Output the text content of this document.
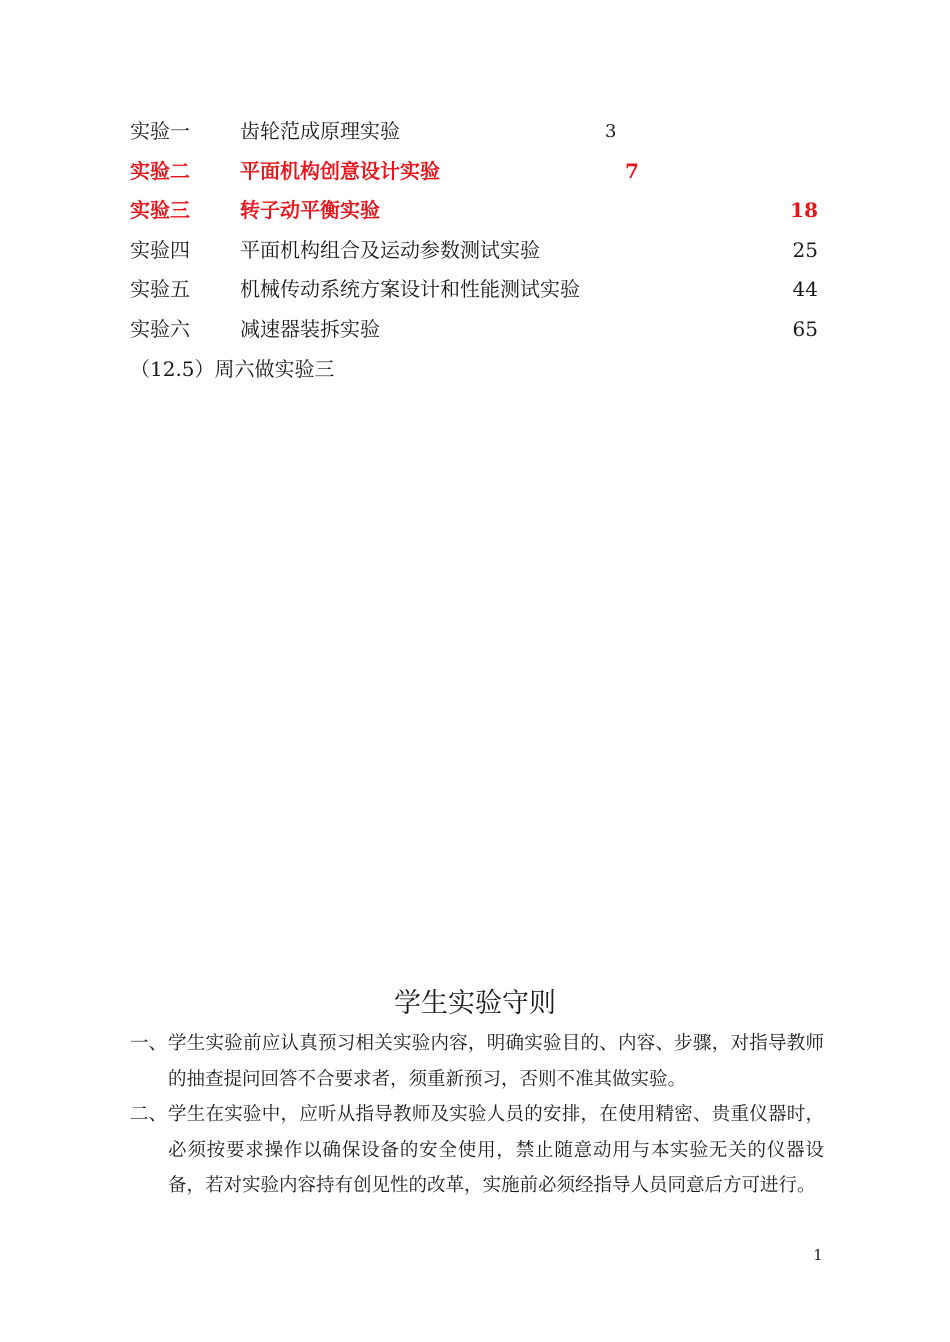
实验一	齿轮范成原理实验	3
实验二	平面机构创意设计实验	7
实验三	转子动平衡实验	18
实验四	平面机构组合及运动参数测试实验	25
实验五	机械传动系统方案设计和性能测试实验	44
实验六	减速器装拆实验	65
（12.5）周六做实验三
学生实验守则
一、 学生实验前应认真预习相关实验内容，明确实验目的、内容、步骤，对指导教师的抽查提问回答不合要求者，须重新预习，否则不准其做实验。
二、 学生在实验中，应听从指导教师及实验人员的安排，在使用精密、贵重仪器时，必须按要求操作以确保设备的安全使用，禁止随意动用与本实验无关的仪器设备，若对实验内容持有创见性的改革，实施前必须经指导人员同意后方可进行。
1
